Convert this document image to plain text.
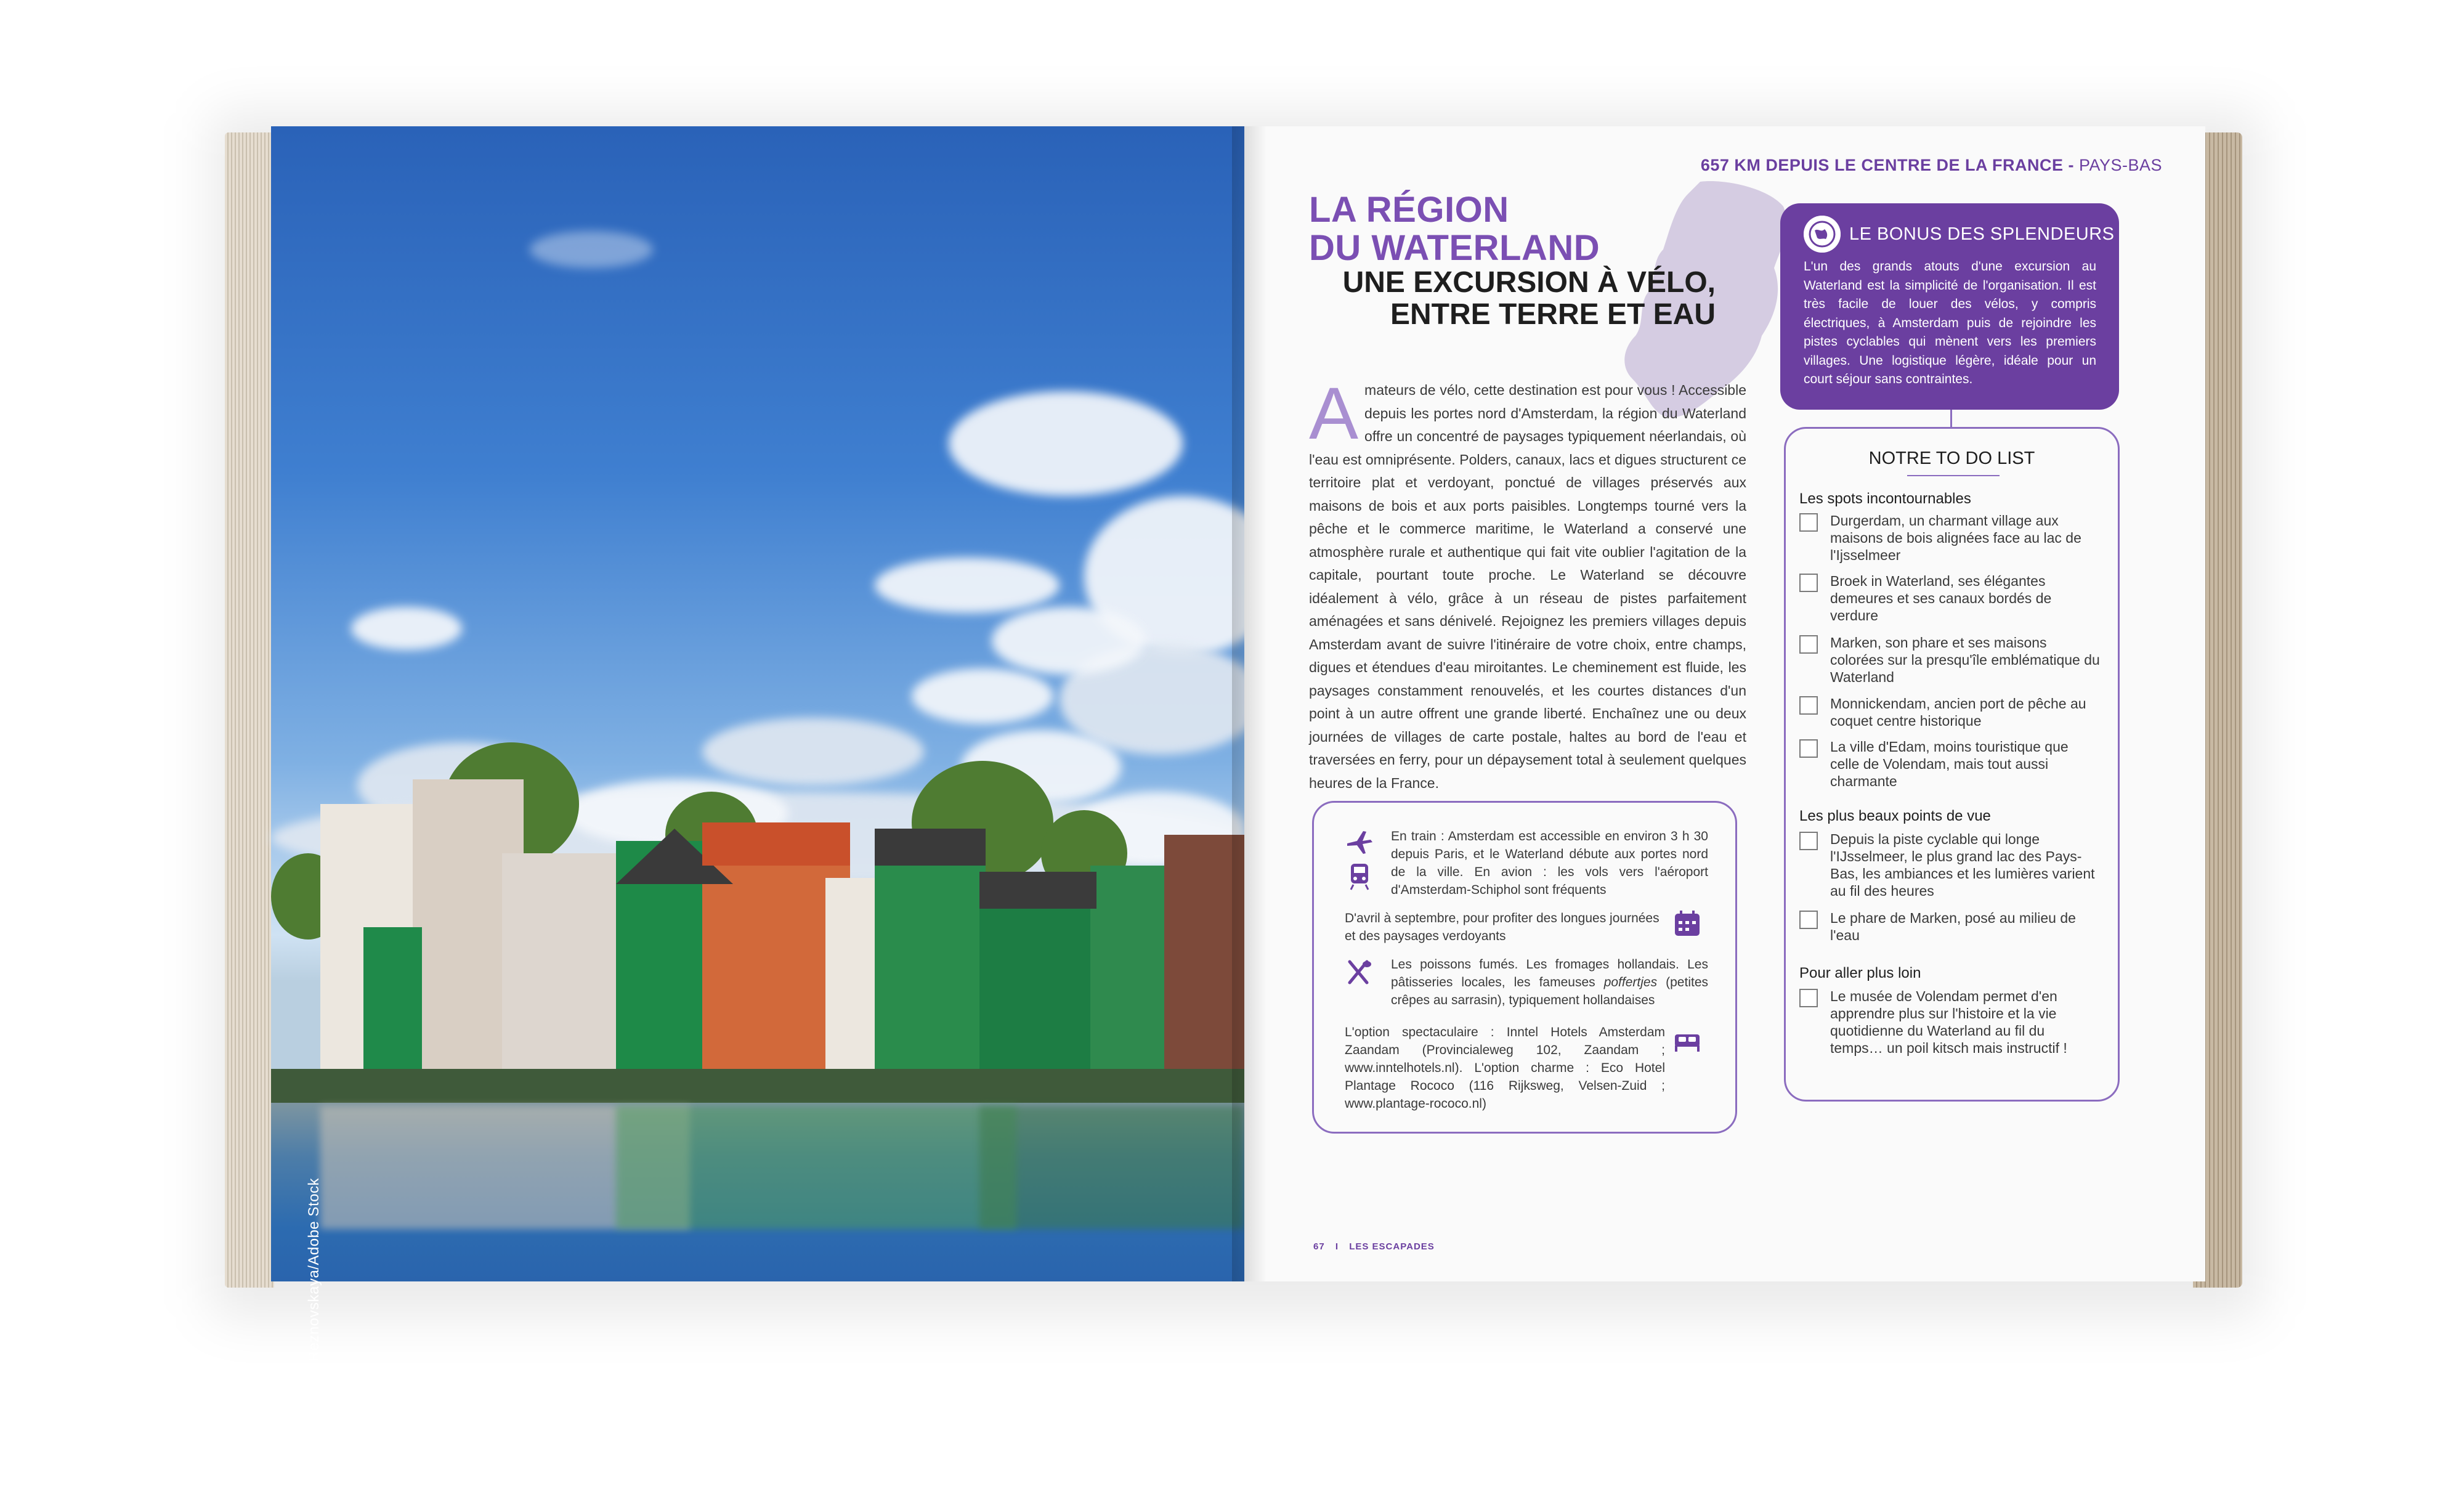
© Tanya Reznovskaya/Adobe Stock
657 KM DEPUIS LE CENTRE DE LA FRANCE - PAYS-BAS
LA RÉGION
DU WATERLAND
UNE EXCURSION À VÉLO,
ENTRE TERRE ET EAU
Amateurs de vélo, cette destination est pour vous ! Accessible depuis les portes nord d'Amsterdam, la région du Waterland offre un concentré de paysages typiquement néerlandais, où l'eau est omniprésente. Polders, canaux, lacs et digues structurent ce territoire plat et verdoyant, ponctué de villages préservés aux maisons de bois et aux ports paisibles. Longtemps tourné vers la pêche et le commerce maritime, le Waterland a conservé une atmosphère rurale et authentique qui fait vite oublier l'agitation de la capitale, pourtant toute proche. Le Waterland se découvre idéalement à vélo, grâce à un réseau de pistes parfaitement aménagées et sans dénivelé. Rejoignez les premiers villages depuis Amsterdam avant de suivre l'itinéraire de votre choix, entre champs, digues et étendues d'eau miroitantes. Le cheminement est fluide, les paysages constamment renouvelés, et les courtes distances d'un point à un autre offrent une grande liberté. Enchaînez une ou deux journées de villages de carte postale, haltes au bord de l'eau et traversées en ferry, pour un dépaysement total à seulement quelques heures de la France.
En train : Amsterdam est accessible en environ 3 h 30 depuis Paris, et le Waterland débute aux portes nord de la ville. En avion : les vols vers l'aéroport d'Amsterdam-Schiphol sont fréquents
D'avril à septembre, pour profiter des longues journées et des paysages verdoyants
Les poissons fumés. Les fromages hollandais. Les pâtisseries locales, les fameuses poffertjes (petites crêpes au sarrasin), typiquement hollandaises
L'option spectaculaire : Inntel Hotels Amsterdam Zaandam (Provincialeweg 102, Zaandam ; www.inntelhotels.nl). L'option charme : Eco Hotel Plantage Rococo (116 Rijksweg, Velsen-Zuid ; www.plantage-rococo.nl)
LE BONUS DES SPLENDEURS
L'un des grands atouts d'une excursion au Waterland est la simplicité de l'organisation. Il est très facile de louer des vélos, y compris électriques, à Amsterdam puis de rejoindre les pistes cyclables qui mènent vers les premiers villages. Une logistique légère, idéale pour un court séjour sans contraintes.
NOTRE TO DO LIST
Les spots incontournables
Durgerdam, un charmant village aux maisons de bois alignées face au lac de l'Ijsselmeer
Broek in Waterland, ses élégantes demeures et ses canaux bordés de verdure
Marken, son phare et ses maisons colorées sur la presqu'île emblématique du Waterland
Monnickendam, ancien port de pêche au coquet centre historique
La ville d'Edam, moins touristique que celle de Volendam, mais tout aussi charmante
Les plus beaux points de vue
Depuis la piste cyclable qui longe l'IJsselmeer, le plus grand lac des Pays-Bas, les ambiances et les lumières varient au fil des heures
Le phare de Marken, posé au milieu de l'eau
Pour aller plus loin
Le musée de Volendam permet d'en apprendre plus sur l'histoire et la vie quotidienne du Waterland au fil du temps… un poil kitsch mais instructif !
67 I LES ESCAPADES
